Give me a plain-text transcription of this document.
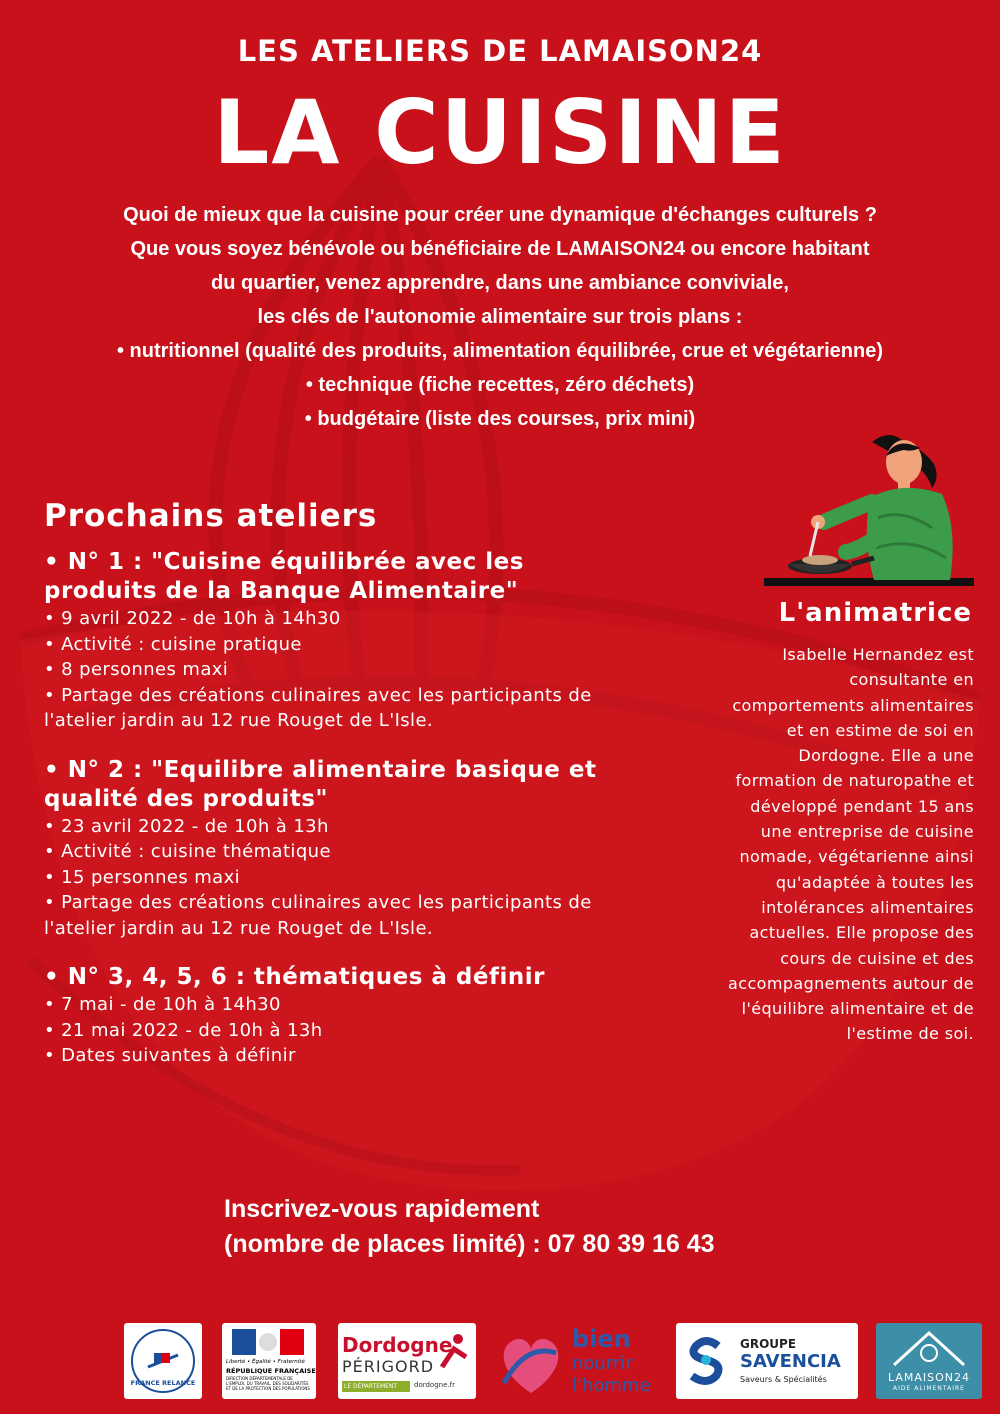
LES ATELIERS DE LAMAISON24
LA CUISINE
Quoi de mieux que la cuisine pour créer une dynamique d'échanges culturels ?
Que vous soyez bénévole ou bénéficiaire de LAMAISON24 ou encore habitant
du quartier, venez apprendre, dans une ambiance conviviale,
les clés de l'autonomie alimentaire sur trois plans :
• nutritionnel (qualité des produits, alimentation équilibrée, crue et végétarienne)
• technique (fiche recettes, zéro déchets)
• budgétaire (liste des courses, prix mini)
Prochains ateliers
• N° 1 : "Cuisine équilibrée avec les produits de la Banque Alimentaire"
• 9 avril 2022 - de 10h à 14h30
• Activité : cuisine pratique
• 8 personnes maxi
• Partage des créations culinaires avec les participants de l'atelier jardin au 12 rue Rouget de L'Isle.
• N° 2 : "Equilibre alimentaire basique et qualité des produits"
• 23 avril 2022 - de 10h à 13h
• Activité : cuisine thématique
• 15 personnes maxi
• Partage des créations culinaires avec les participants de l'atelier jardin au 12 rue Rouget de L'Isle.
• N° 3, 4, 5, 6 : thématiques à définir
• 7 mai - de 10h à 14h30
• 21 mai 2022 - de 10h à 13h
• Dates suivantes à définir
L'animatrice
Isabelle Hernandez est consultante en comportements alimentaires et en estime de soi en Dordogne. Elle a une formation de naturopathe et développé pendant 15 ans une entreprise de cuisine nomade, végétarienne ainsi qu'adaptée à toutes les intolérances alimentaires actuelles. Elle propose des cours de cuisine et des accompagnements autour de l'équilibre alimentaire et de l'estime de soi.
Inscrivez-vous rapidement
(nombre de places limité) : 07 80 39 16 43
FRANCE RELANCE
Liberté • Égalité • Fraternité
RÉPUBLIQUE FRANÇAISE
DIRECTION DÉPARTEMENTALE DE L'EMPLOI, DU TRAVAIL, DES SOLIDARITÉS ET DE LA PROTECTION DES POPULATIONS
Dordogne
PÉRIGORD
LE DÉPARTEMENT	dordogne.fr
bien
nourrir
l'homme
GROUPE
SAVENCIA
Saveurs & Spécialités	LAMAISON24
AIDE ALIMENTAIRE
